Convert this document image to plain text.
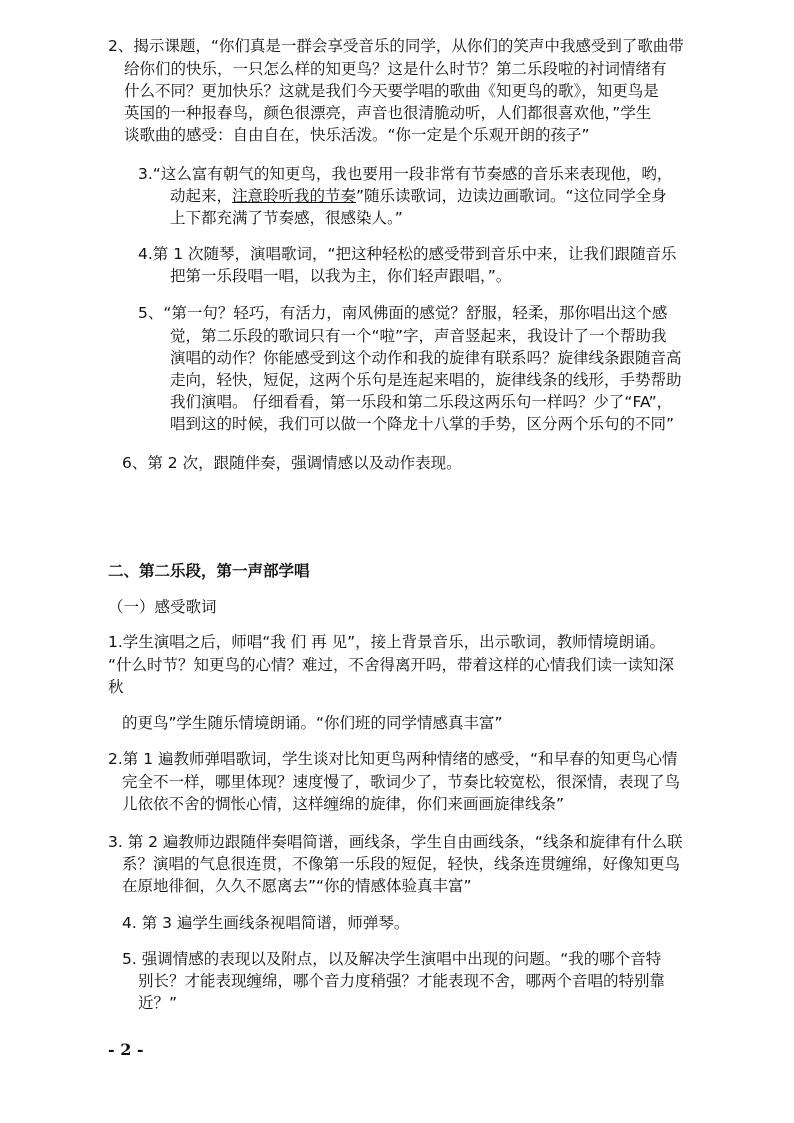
2、揭示课题，“你们真是一群会享受音乐的同学，从你们的笑声中我感受到了歌曲带
给你们的快乐，一只怎么样的知更鸟？这是什么时节？第二乐段啦的衬词情绪有
什么不同？更加快乐？这就是我们今天要学唱的歌曲《知更鸟的歌》，知更鸟是
英国的一种报春鸟，颜色很漂亮，声音也很清脆动听，人们都很喜欢他，”学生
谈歌曲的感受：自由自在，快乐活泼。“你一定是个乐观开朗的孩子”
3.“这么富有朝气的知更鸟，我也要用一段非常有节奏感的音乐来表现他，哟，
动起来，注意聆听我的节奏”随乐读歌词，边读边画歌词。“这位同学全身
上下都充满了节奏感，很感染人。”
4.第 1 次随琴，演唱歌词，“把这种轻松的感受带到音乐中来，让我们跟随音乐
把第一乐段唱一唱，以我为主，你们轻声跟唱，”。
5、“第一句？轻巧，有活力，南风佛面的感觉？舒服，轻柔，那你唱出这个感
觉，第二乐段的歌词只有一个“啦”字，声音竖起来，我设计了一个帮助我
演唱的动作？你能感受到这个动作和我的旋律有联系吗？旋律线条跟随音高
走向，轻快，短促，这两个乐句是连起来唱的，旋律线条的线形，手势帮助
我们演唱。 仔细看看，第一乐段和第二乐段这两乐句一样吗？少了“FA”，
唱到这的时候，我们可以做一个降龙十八掌的手势，区分两个乐句的不同”
6、第 2 次，跟随伴奏，强调情感以及动作表现。
二、第二乐段，第一声部学唱
（一）感受歌词
1.学生演唱之后，师唱“我 们 再 见”，接上背景音乐，出示歌词，教师情境朗诵。
“什么时节？知更鸟的心情？难过，不舍得离开吗，带着这样的心情我们读一读知深
秋
的更鸟”学生随乐情境朗诵。“你们班的同学情感真丰富”
2.第 1 遍教师弹唱歌词，学生谈对比知更鸟两种情绪的感受，“和早春的知更鸟心情
完全不一样，哪里体现？速度慢了，歌词少了，节奏比较宽松，很深情，表现了鸟
儿依依不舍的惆怅心情，这样缠绵的旋律，你们来画画旋律线条”
3. 第 2 遍教师边跟随伴奏唱简谱，画线条，学生自由画线条，“线条和旋律有什么联
系？演唱的气息很连贯，不像第一乐段的短促，轻快，线条连贯缠绵，好像知更鸟
在原地徘徊，久久不愿离去”“你的情感体验真丰富”
4. 第 3 遍学生画线条视唱简谱，师弹琴。
5. 强调情感的表现以及附点，以及解决学生演唱中出现的问题。“我的哪个音特
别长？才能表现缠绵，哪个音力度稍强？才能表现不舍，哪两个音唱的特别靠
近？”
- 2 -
